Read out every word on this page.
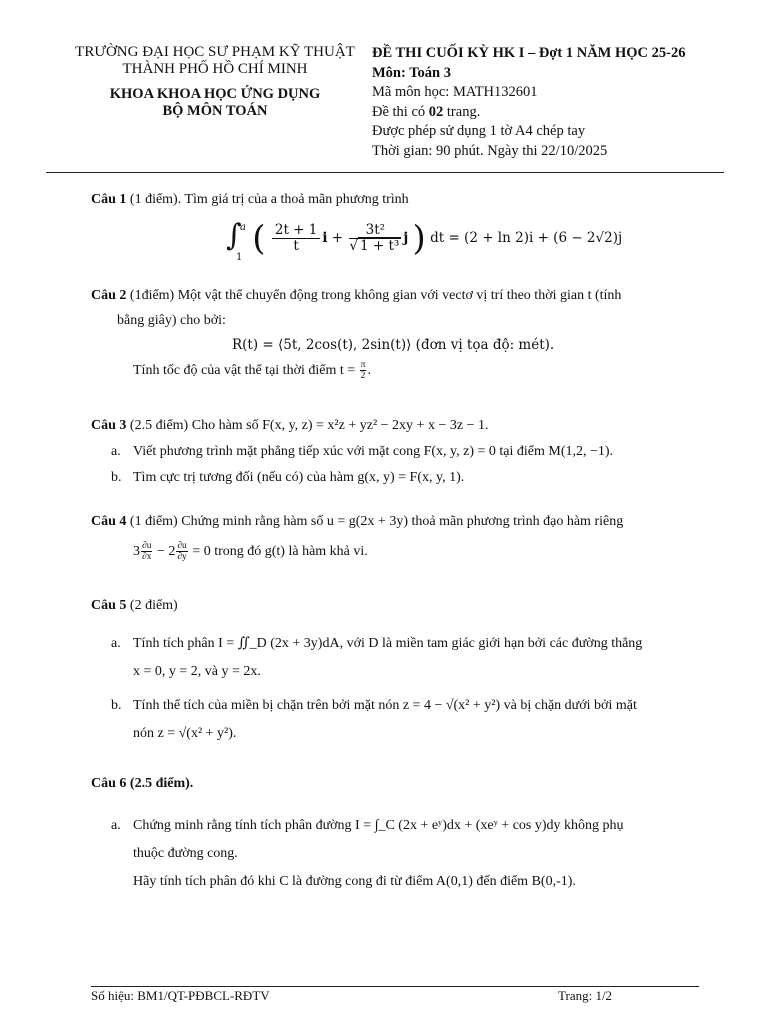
TRƯỜNG ĐẠI HỌC SƯ PHẠM KỸ THUẬT
THÀNH PHỐ HỒ CHÍ MINH
KHOA KHOA HỌC ỨNG DỤNG
BỘ MÔN TOÁN
ĐỀ THI CUỐI KỲ HK I – Đợt 1 NĂM HỌC 25-26
Môn: Toán 3
Mã môn học: MATH132601
Đề thi có 02 trang.
Được phép sử dụng 1 tờ A4 chép tay
Thời gian: 90 phút. Ngày thi 22/10/2025
Câu 1 (1 điểm). Tìm giá trị của a thoả mãn phương trình
∫
a
1 ( $\frac{2t + 1}{t}$ $i + \frac{\text{3t²}}{\text{√ 1 + t³}}$ j ) dt = (2 + ln 2)i + (6 − 2√2)j
Câu 2 (1điểm) Một vật thể chuyển động trong không gian với vectơ vị trí theo thời gian t (tính
bằng giây) cho bởi:
R(t) = ⟨5t, 2cos(t), 2sin(t)⟩ (đơn vị tọa độ: mét).
Tính tốc độ của vật thể tại thời điểm $t = \frac{\pi}{2}$ .
Câu 3 (2.5 điểm) Cho hàm số F(x, y, z) = x²z + yz² − 2xy + x − 3z − 1.
a. Viết phương trình mặt phẳng tiếp xúc với mặt cong F(x, y, z) = 0 tại điểm M(1,2, −1).
b. Tìm cực trị tương đối (nếu có) của hàm g(x, y) = F(x, y, 1).
Câu 4 (1 điểm) Chứng minh rằng hàm số u = g(2x + 3y) thoả mãn phương trình đạo hàm riêng
$3 \frac{\partial u}{\partial x} - 2 \frac{\partial u}{\partial y} = 0$ trong đó g(t) là hàm khả vi.
Câu 5 (2 điểm)
a. Tính tích phân I = ∬_D (2x + 3y)dA, với D là miền tam giác giới hạn bởi các đường thẳng
x = 0, y = 2, và y = 2x.
b. Tính thể tích của miền bị chặn trên bởi mặt nón z = 4 − √(x² + y²) và bị chặn dưới bởi mặt
nón z = √(x² + y²).
Câu 6 (2.5 điểm).
a. Chứng minh rằng tính tích phân đường I = ∫_C (2x + eʸ)dx + (xeʸ + cos y)dy không phụ
thuộc đường cong.
Hãy tính tích phân đó khi C là đường cong đi từ điểm A(0,1) đến điểm B(0,-1).
Số hiệu: BM1/QT-PĐBCL-RĐTV	Trang: 1/2
